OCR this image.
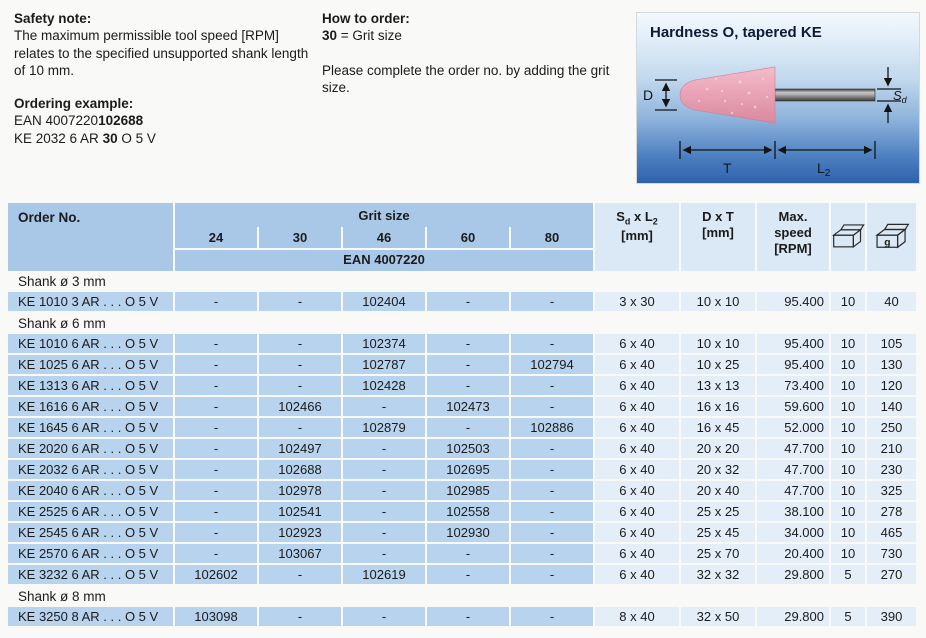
Safety note:
The maximum permissible tool speed [RPM] relates to the specified unsupported shank length of 10 mm.
Ordering example:
EAN 4007220102688
KE 2032 6 AR 30 O 5 V
How to order:
30 = Grit size
Please complete the order no. by adding the grit size.
Hardness O, tapered KE
D	$S_d$
T	$L_2$
Order No.	Grit size
24	30	46	60	80
EAN 4007220
$S_d$ x $L_2$
[mm]
D x T
[mm]
Max.
speed
[RPM]	g
Shank ø 3 mm
KE 1010 3 AR . . . O 5 V	-	-	102404	-	-	3 x 30	10 x 10	95.400	10	40
Shank ø 6 mm
KE 1010 6 AR . . . O 5 V	-	-	102374	-	-	6 x 40	10 x 10	95.400	10	105
KE 1025 6 AR . . . O 5 V	-	-	102787	-	102794	6 x 40	10 x 25	95.400	10	130
KE 1313 6 AR . . . O 5 V	-	-	102428	-	-	6 x 40	13 x 13	73.400	10	120
KE 1616 6 AR . . . O 5 V	-	102466	-	102473	-	6 x 40	16 x 16	59.600	10	140
KE 1645 6 AR . . . O 5 V	-	-	102879	-	102886	6 x 40	16 x 45	52.000	10	250
KE 2020 6 AR . . . O 5 V	-	102497	-	102503	-	6 x 40	20 x 20	47.700	10	210
KE 2032 6 AR . . . O 5 V	-	102688	-	102695	-	6 x 40	20 x 32	47.700	10	230
KE 2040 6 AR . . . O 5 V	-	102978	-	102985	-	6 x 40	20 x 40	47.700	10	325
KE 2525 6 AR . . . O 5 V	-	102541	-	102558	-	6 x 40	25 x 25	38.100	10	278
KE 2545 6 AR . . . O 5 V	-	102923	-	102930	-	6 x 40	25 x 45	34.000	10	465
KE 2570 6 AR . . . O 5 V	-	103067	-	-	-	6 x 40	25 x 70	20.400	10	730
KE 3232 6 AR . . . O 5 V	102602	-	102619	-	-	6 x 40	32 x 32	29.800	5	270
Shank ø 8 mm
KE 3250 8 AR . . . O 5 V	103098	-	-	-	-	8 x 40	32 x 50	29.800	5	390
